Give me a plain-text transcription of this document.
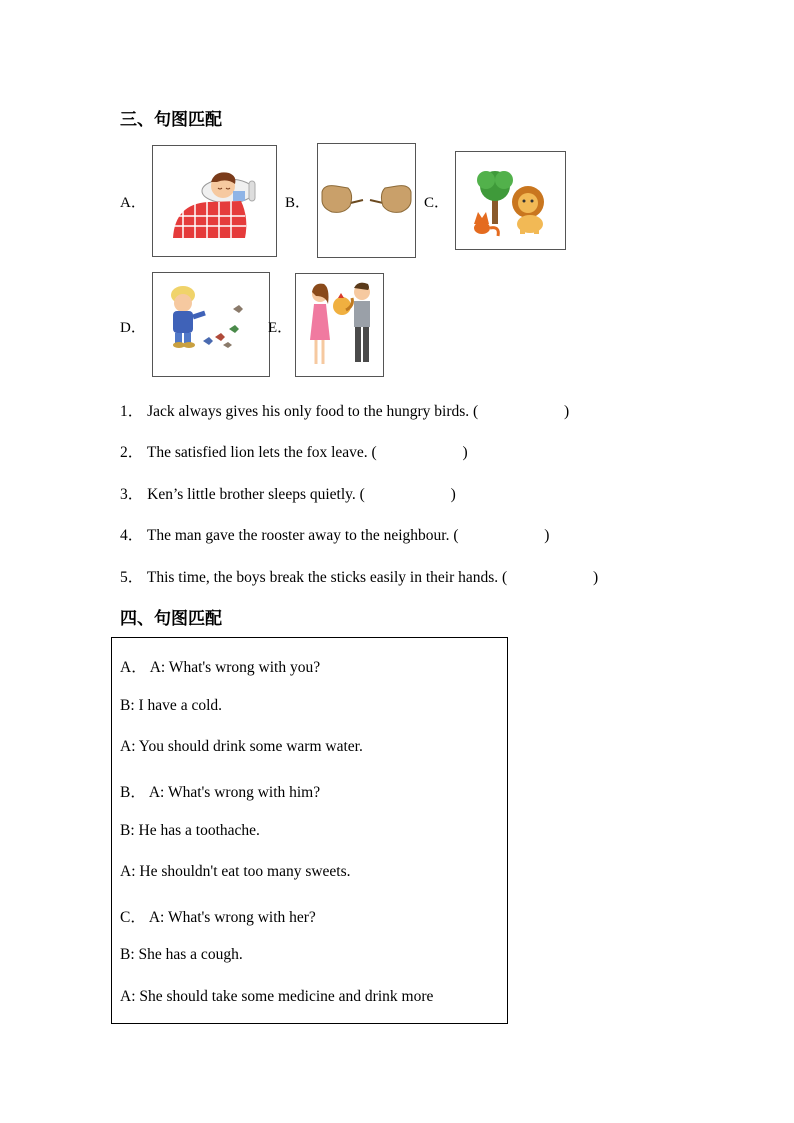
三、句图匹配
A．	B．	C．
D．	E．
1． Jack always gives his only food to the hungry birds. (	)
2． The satisfied lion lets the fox leave. (	)
3． Ken’s little brother sleeps quietly. (	)
4． The man gave the rooster away to the neighbour. (	)
5． This time, the boys break the sticks easily in their hands. (	)
四、句图匹配
A． A: What's wrong with you?
B: I have a cold.
A: You should drink some warm water.
B． A: What's wrong with him?
B: He has a toothache.
A: He shouldn't eat too many sweets.
C． A: What's wrong with her?
B: She has a cough.
A: She should take some medicine and drink more
